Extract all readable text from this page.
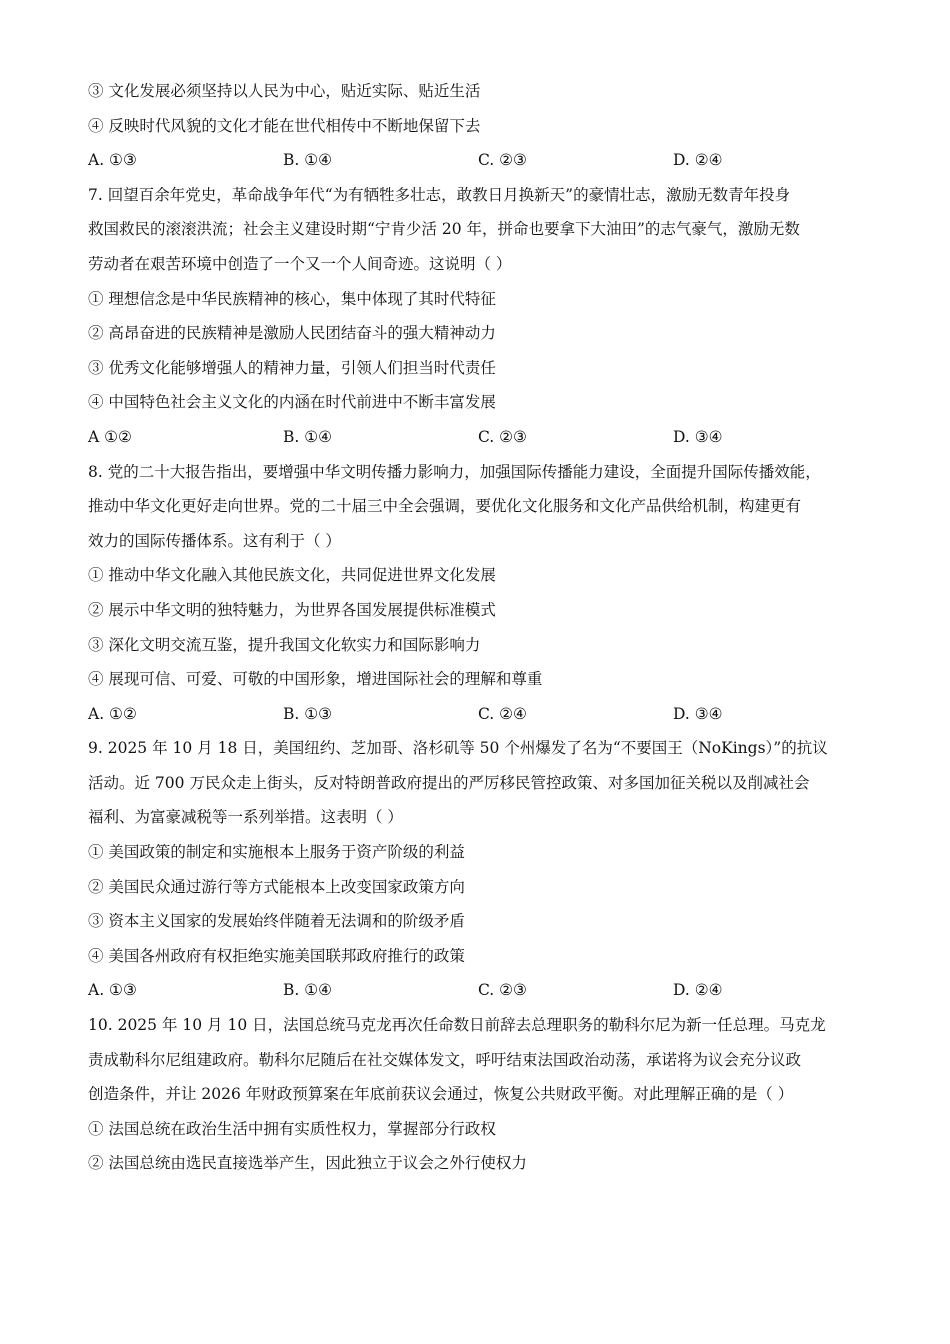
③ 文化发展必须坚持以人民为中心，贴近实际、贴近生活
④ 反映时代风貌的文化才能在世代相传中不断地保留下去
A. ①③	B. ①④	C. ②③	D. ②④
7. 回望百余年党史，革命战争年代“为有牺牲多壮志，敢教日月换新天”的豪情壮志，激励无数青年投身
救国救民的滚滚洪流；社会主义建设时期“宁肯少活 20 年，拼命也要拿下大油田”的志气豪气，激励无数
劳动者在艰苦环境中创造了一个又一个人间奇迹。这说明（ ）
① 理想信念是中华民族精神的核心，集中体现了其时代特征
② 高昂奋进的民族精神是激励人民团结奋斗的强大精神动力
③ 优秀文化能够增强人的精神力量，引领人们担当时代责任
④ 中国特色社会主义文化的内涵在时代前进中不断丰富发展
A ①②	B. ①④	C. ②③	D. ③④
8. 党的二十大报告指出，要增强中华文明传播力影响力，加强国际传播能力建设，全面提升国际传播效能，
推动中华文化更好走向世界。党的二十届三中全会强调，要优化文化服务和文化产品供给机制，构建更有
效力的国际传播体系。这有利于（ ）
① 推动中华文化融入其他民族文化，共同促进世界文化发展
② 展示中华文明的独特魅力，为世界各国发展提供标准模式
③ 深化文明交流互鉴，提升我国文化软实力和国际影响力
④ 展现可信、可爱、可敬的中国形象，增进国际社会的理解和尊重
A. ①②	B. ①③	C. ②④	D. ③④
9. 2025 年 10 月 18 日，美国纽约、芝加哥、洛杉矶等 50 个州爆发了名为“不要国王（NoKings）”的抗议
活动。近 700 万民众走上街头，反对特朗普政府提出的严厉移民管控政策、对多国加征关税以及削减社会
福利、为富豪减税等一系列举措。这表明（ ）
① 美国政策的制定和实施根本上服务于资产阶级的利益
② 美国民众通过游行等方式能根本上改变国家政策方向
③ 资本主义国家的发展始终伴随着无法调和的阶级矛盾
④ 美国各州政府有权拒绝实施美国联邦政府推行的政策
A. ①③	B. ①④	C. ②③	D. ②④
10. 2025 年 10 月 10 日，法国总统马克龙再次任命数日前辞去总理职务的勒科尔尼为新一任总理。马克龙
责成勒科尔尼组建政府。勒科尔尼随后在社交媒体发文，呼吁结束法国政治动荡，承诺将为议会充分议政
创造条件，并让 2026 年财政预算案在年底前获议会通过，恢复公共财政平衡。对此理解正确的是（ ）
① 法国总统在政治生活中拥有实质性权力，掌握部分行政权
② 法国总统由选民直接选举产生，因此独立于议会之外行使权力
